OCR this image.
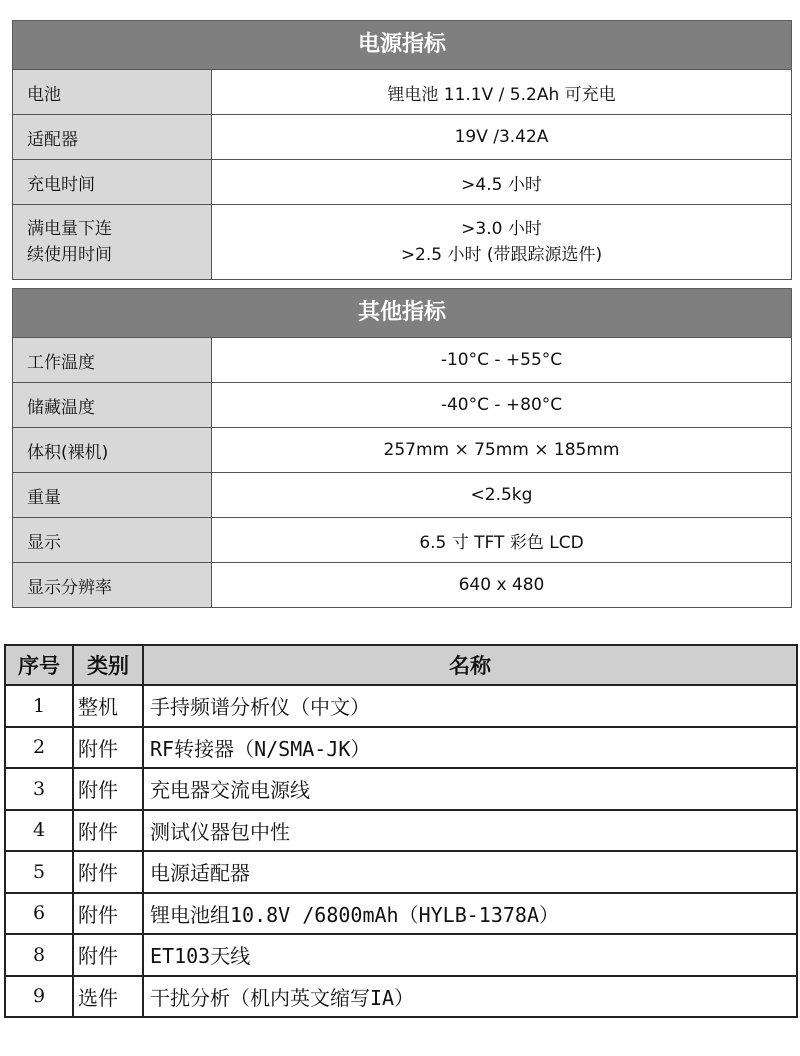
电源指标
电池	锂电池 11.1V / 5.2Ah 可充电
适配器	19V /3.42A
充电时间	>4.5 小时

满电量下连
续使用时间	>3.0 小时
>2.5 小时 (带跟踪源选件)
其他指标
工作温度	-10°C - +55°C
储藏温度	-40°C - +80°C
体积(裸机)	257mm × 75mm × 185mm
重量	<2.5kg
显示	6.5 寸 TFT 彩色 LCD
显示分辨率	640 x 480
序号	类别	名称
1	整机	手持频谱分析仪（中文）
2	附件	RF转接器（N/SMA-JK）
3	附件	充电器交流电源线
4	附件	测试仪器包中性
5	附件	电源适配器
6	附件	锂电池组10.8V /6800mAh（HYLB-1378A）
8	附件	ET103天线
9	选件	干扰分析（机内英文缩写IA）
